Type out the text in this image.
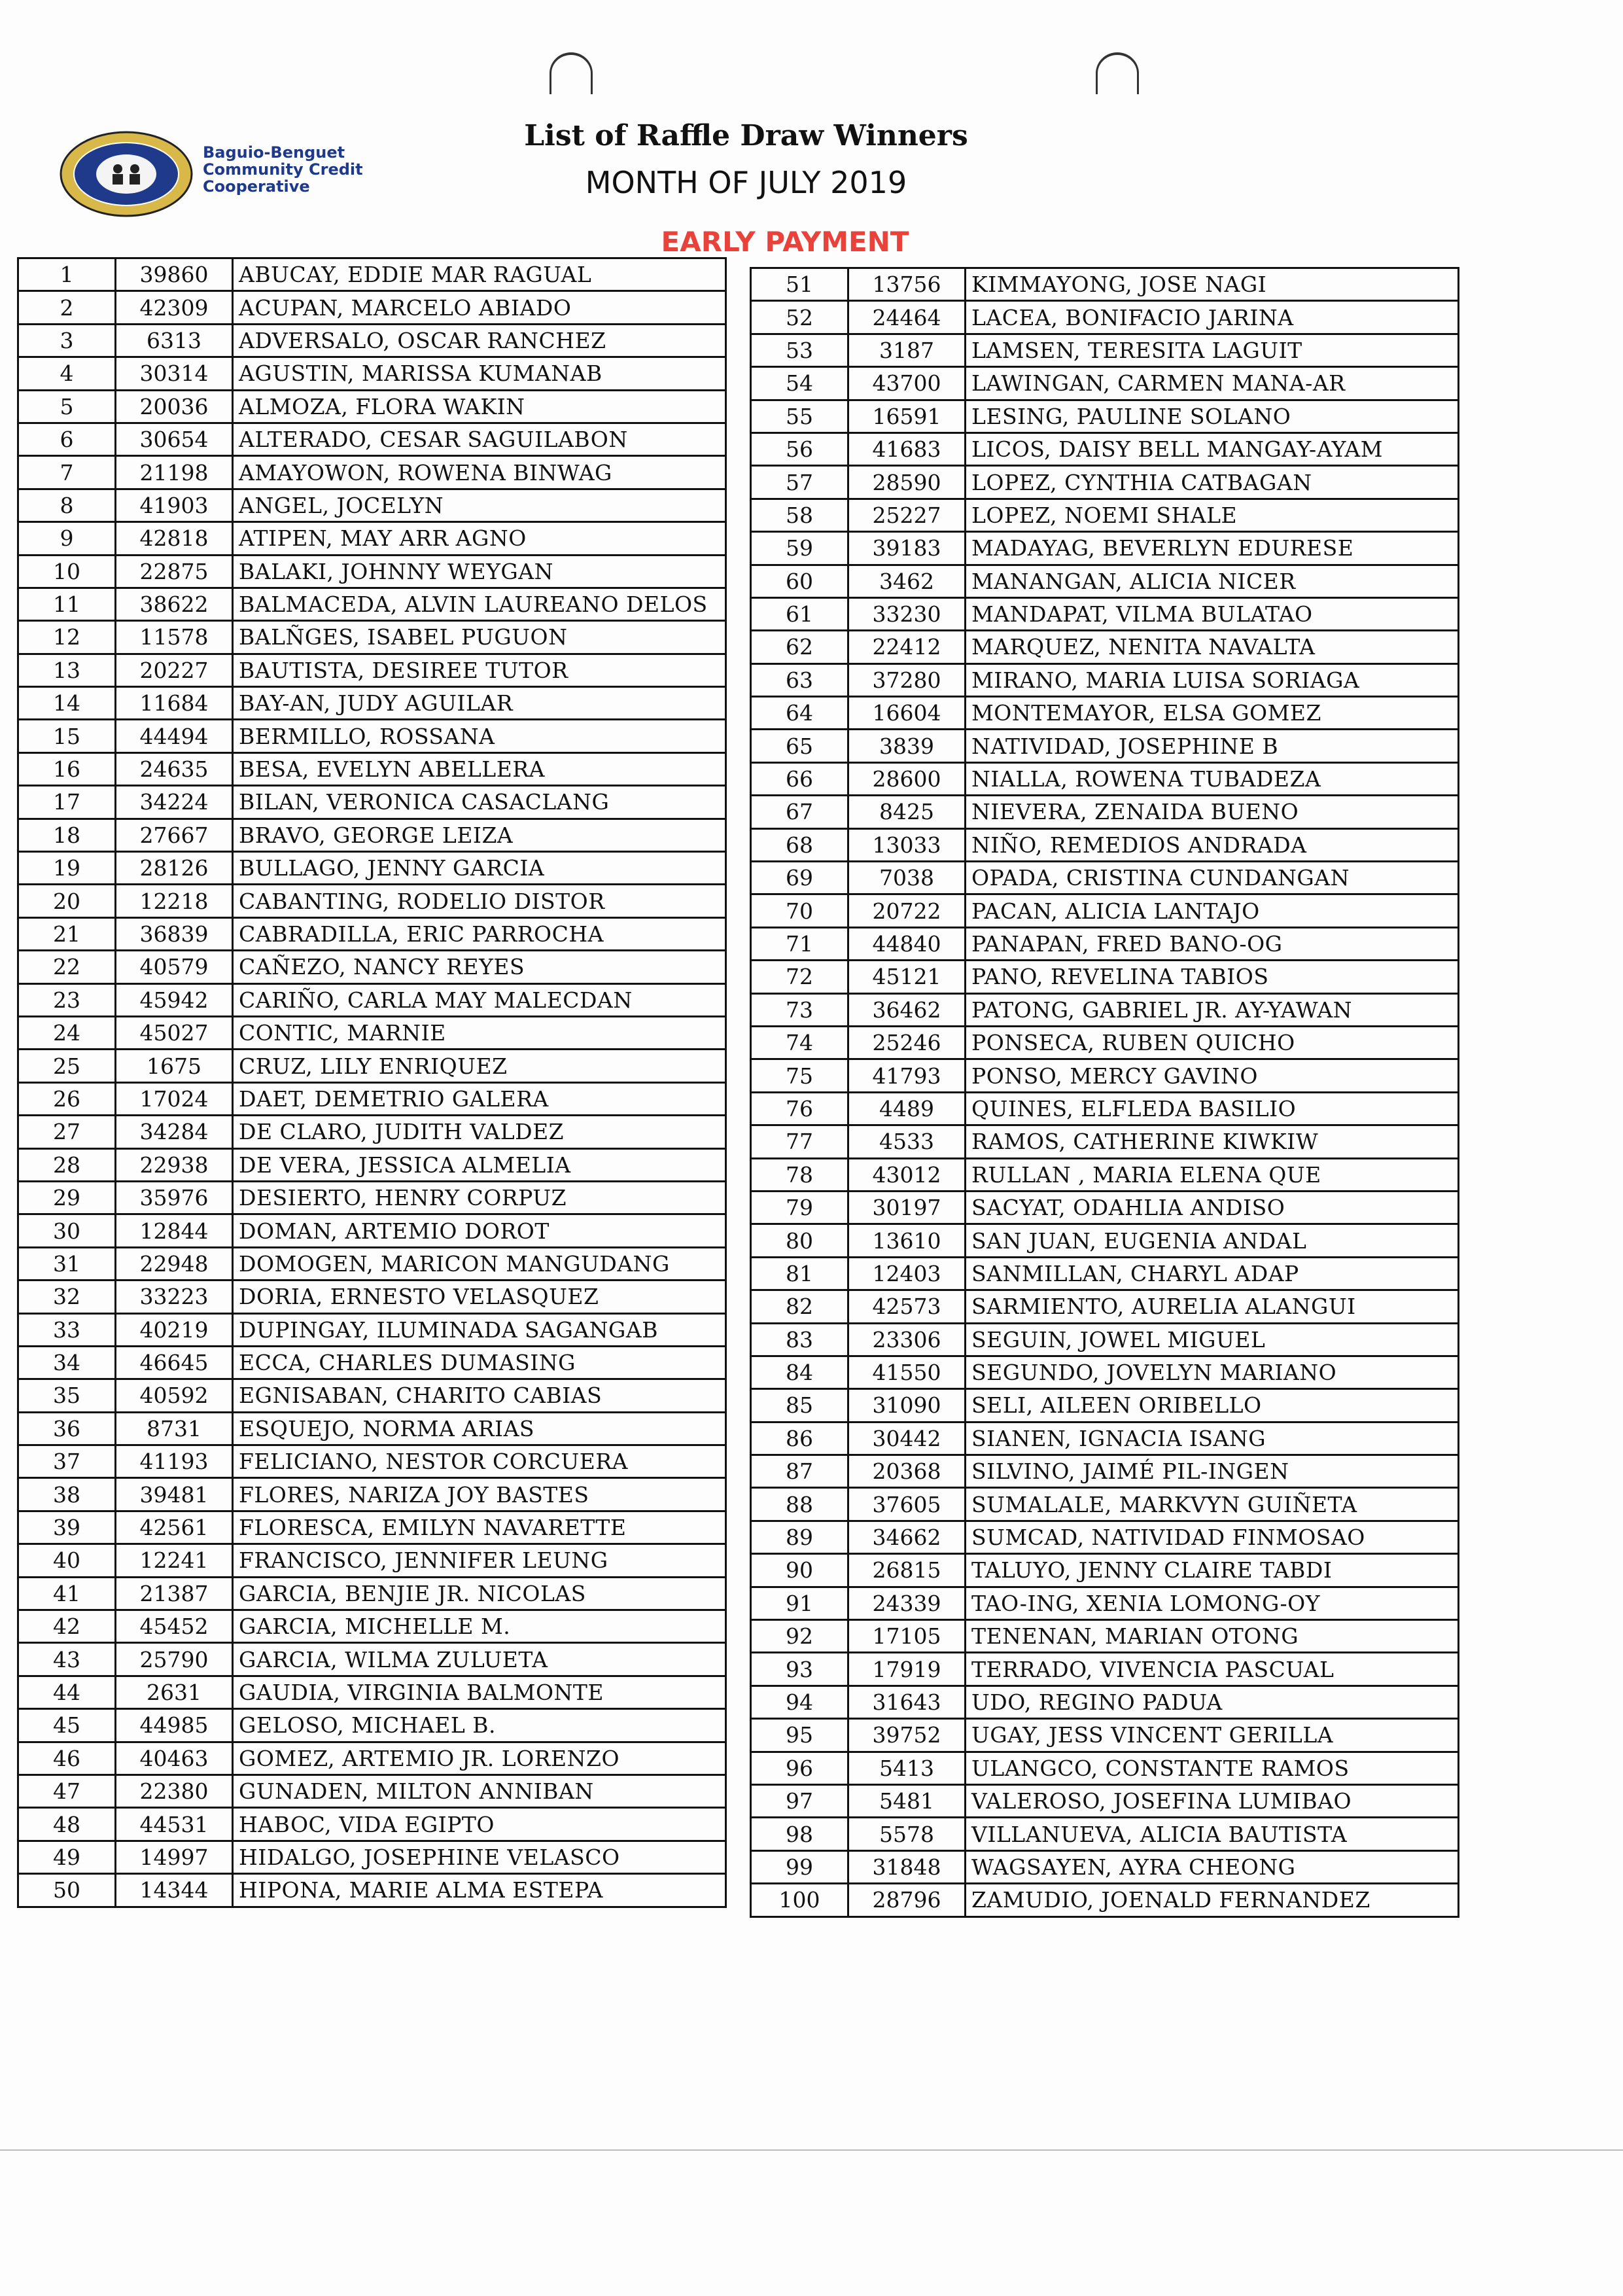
Baguio-Benguet
Community Credit
Cooperative
List of Raffle Draw Winners
MONTH OF JULY 2019
EARLY PAYMENT
1	39860	ABUCAY, EDDIE MAR RAGUAL
2	42309	ACUPAN, MARCELO ABIADO
3	6313	ADVERSALO, OSCAR RANCHEZ
4	30314	AGUSTIN, MARISSA KUMANAB
5	20036	ALMOZA, FLORA WAKIN
6	30654	ALTERADO, CESAR SAGUILABON
7	21198	AMAYOWON, ROWENA BINWAG
8	41903	ANGEL, JOCELYN
9	42818	ATIPEN, MAY ARR AGNO
10	22875	BALAKI, JOHNNY WEYGAN
11	38622	BALMACEDA, ALVIN LAUREANO DELOS
12	11578	BALÑGES, ISABEL PUGUON
13	20227	BAUTISTA, DESIREE TUTOR
14	11684	BAY-AN, JUDY AGUILAR
15	44494	BERMILLO, ROSSANA
16	24635	BESA, EVELYN ABELLERA
17	34224	BILAN, VERONICA CASACLANG
18	27667	BRAVO, GEORGE LEIZA
19	28126	BULLAGO, JENNY GARCIA
20	12218	CABANTING, RODELIO DISTOR
21	36839	CABRADILLA, ERIC PARROCHA
22	40579	CAÑEZO, NANCY REYES
23	45942	CARIÑO, CARLA MAY MALECDAN
24	45027	CONTIC, MARNIE
25	1675	CRUZ, LILY ENRIQUEZ
26	17024	DAET, DEMETRIO GALERA
27	34284	DE CLARO, JUDITH VALDEZ
28	22938	DE VERA, JESSICA ALMELIA
29	35976	DESIERTO, HENRY CORPUZ
30	12844	DOMAN, ARTEMIO DOROT
31	22948	DOMOGEN, MARICON MANGUDANG
32	33223	DORIA, ERNESTO VELASQUEZ
33	40219	DUPINGAY, ILUMINADA SAGANGAB
34	46645	ECCA, CHARLES DUMASING
35	40592	EGNISABAN, CHARITO CABIAS
36	8731	ESQUEJO, NORMA ARIAS
37	41193	FELICIANO, NESTOR CORCUERA
38	39481	FLORES, NARIZA JOY BASTES
39	42561	FLORESCA, EMILYN NAVARETTE
40	12241	FRANCISCO, JENNIFER LEUNG
41	21387	GARCIA, BENJIE JR. NICOLAS
42	45452	GARCIA, MICHELLE M.
43	25790	GARCIA, WILMA ZULUETA
44	2631	GAUDIA, VIRGINIA BALMONTE
45	44985	GELOSO, MICHAEL B.
46	40463	GOMEZ, ARTEMIO JR. LORENZO
47	22380	GUNADEN, MILTON ANNIBAN
48	44531	HABOC, VIDA EGIPTO
49	14997	HIDALGO, JOSEPHINE VELASCO
50	14344	HIPONA, MARIE ALMA ESTEPA
51	13756	KIMMAYONG, JOSE NAGI
52	24464	LACEA, BONIFACIO JARINA
53	3187	LAMSEN, TERESITA LAGUIT
54	43700	LAWINGAN, CARMEN MANA-AR
55	16591	LESING, PAULINE SOLANO
56	41683	LICOS, DAISY BELL MANGAY-AYAM
57	28590	LOPEZ, CYNTHIA CATBAGAN
58	25227	LOPEZ, NOEMI SHALE
59	39183	MADAYAG, BEVERLYN EDURESE
60	3462	MANANGAN, ALICIA NICER
61	33230	MANDAPAT, VILMA BULATAO
62	22412	MARQUEZ, NENITA NAVALTA
63	37280	MIRANO, MARIA LUISA SORIAGA
64	16604	MONTEMAYOR, ELSA GOMEZ
65	3839	NATIVIDAD, JOSEPHINE B
66	28600	NIALLA, ROWENA TUBADEZA
67	8425	NIEVERA, ZENAIDA BUENO
68	13033	NIÑO, REMEDIOS ANDRADA
69	7038	OPADA, CRISTINA CUNDANGAN
70	20722	PACAN, ALICIA LANTAJO
71	44840	PANAPAN, FRED BANO-OG
72	45121	PANO, REVELINA TABIOS
73	36462	PATONG, GABRIEL JR. AY-YAWAN
74	25246	PONSECA, RUBEN QUICHO
75	41793	PONSO, MERCY GAVINO
76	4489	QUINES, ELFLEDA BASILIO
77	4533	RAMOS, CATHERINE KIWKIW
78	43012	RULLAN , MARIA ELENA QUE
79	30197	SACYAT, ODAHLIA ANDISO
80	13610	SAN JUAN, EUGENIA ANDAL
81	12403	SANMILLAN, CHARYL ADAP
82	42573	SARMIENTO, AURELIA ALANGUI
83	23306	SEGUIN, JOWEL MIGUEL
84	41550	SEGUNDO, JOVELYN MARIANO
85	31090	SELI, AILEEN ORIBELLO
86	30442	SIANEN, IGNACIA ISANG
87	20368	SILVINO, JAIMÉ PIL-INGEN
88	37605	SUMALALE, MARKVYN GUIÑETA
89	34662	SUMCAD, NATIVIDAD FINMOSAO
90	26815	TALUYO, JENNY CLAIRE TABDI
91	24339	TAO-ING, XENIA LOMONG-OY
92	17105	TENENAN, MARIAN OTONG
93	17919	TERRADO, VIVENCIA PASCUAL
94	31643	UDO, REGINO PADUA
95	39752	UGAY, JESS VINCENT GERILLA
96	5413	ULANGCO, CONSTANTE RAMOS
97	5481	VALEROSO, JOSEFINA LUMIBAO
98	5578	VILLANUEVA, ALICIA BAUTISTA
99	31848	WAGSAYEN, AYRA CHEONG
100	28796	ZAMUDIO, JOENALD FERNANDEZ
